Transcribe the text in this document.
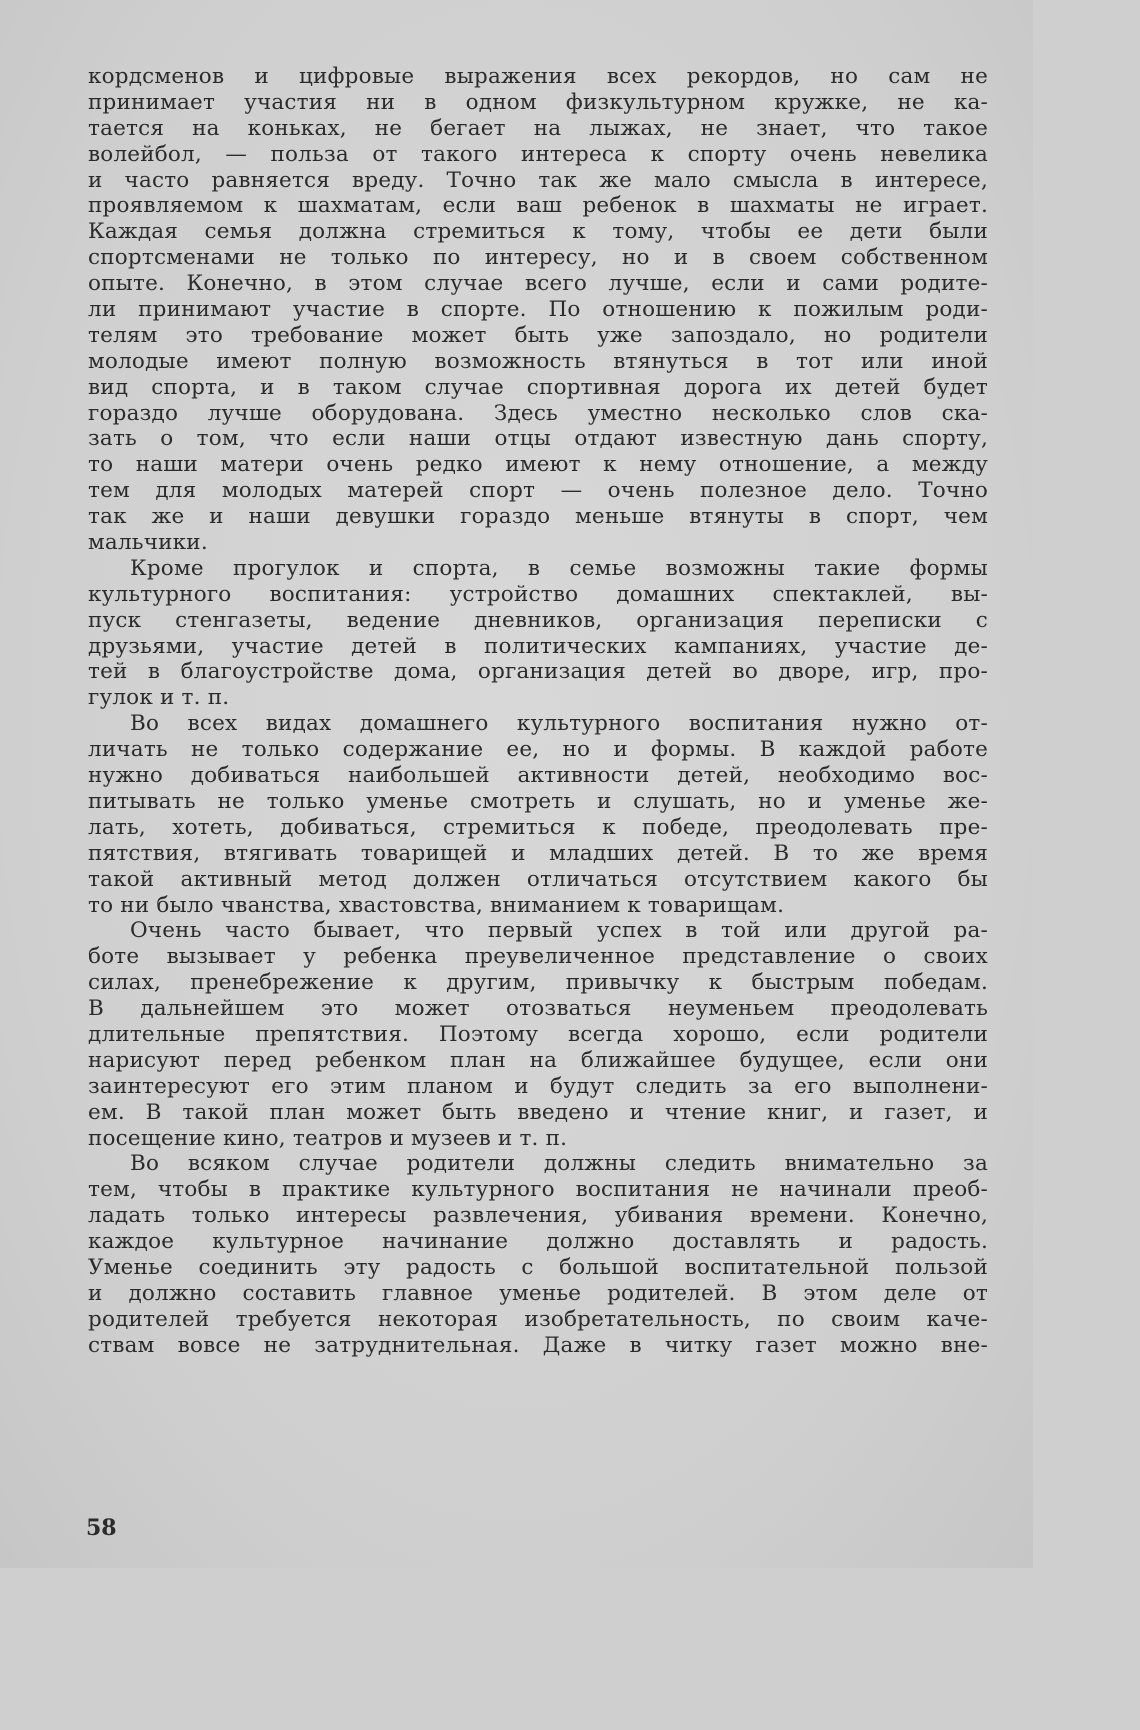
кордсменов и цифровые выражения всех рекордов, но сам не
принимает участия ни в одном физкультурном кружке, не ка-
тается на коньках, не бегает на лыжах, не знает, что такое
волейбол, — польза от такого интереса к спорту очень невелика
и часто равняется вреду. Точно так же мало смысла в интересе,
проявляемом к шахматам, если ваш ребенок в шахматы не играет.
Каждая семья должна стремиться к тому, чтобы ее дети были
спортсменами не только по интересу, но и в своем собственном
опыте. Конечно, в этом случае всего лучше, если и сами родите-
ли принимают участие в спорте. По отношению к пожилым роди-
телям это требование может быть уже запоздало, но родители
молодые имеют полную возможность втянуться в тот или иной
вид спорта, и в таком случае спортивная дорога их детей будет
гораздо лучше оборудована. Здесь уместно несколько слов ска-
зать о том, что если наши отцы отдают известную дань спорту,
то наши матери очень редко имеют к нему отношение, а между
тем для молодых матерей спорт — очень полезное дело. Точно
так же и наши девушки гораздо меньше втянуты в спорт, чем
мальчики.
Кроме прогулок и спорта, в семье возможны такие формы
культурного воспитания: устройство домашних спектаклей, вы-
пуск стенгазеты, ведение дневников, организация переписки с
друзьями, участие детей в политических кампаниях, участие де-
тей в благоустройстве дома, организация детей во дворе, игр, про-
гулок и т. п.
Во всех видах домашнего культурного воспитания нужно от-
личать не только содержание ее, но и формы. В каждой работе
нужно добиваться наибольшей активности детей, необходимо вос-
питывать не только уменье смотреть и слушать, но и уменье же-
лать, хотеть, добиваться, стремиться к победе, преодолевать пре-
пятствия, втягивать товарищей и младших детей. В то же время
такой активный метод должен отличаться отсутствием какого бы
то ни было чванства, хвастовства, вниманием к товарищам.
Очень часто бывает, что первый успех в той или другой ра-
боте вызывает у ребенка преувеличенное представление о своих
силах, пренебрежение к другим, привычку к быстрым победам.
В дальнейшем это может отозваться неуменьем преодолевать
длительные препятствия. Поэтому всегда хорошо, если родители
нарисуют перед ребенком план на ближайшее будущее, если они
заинтересуют его этим планом и будут следить за его выполнени-
ем. В такой план может быть введено и чтение книг, и газет, и
посещение кино, театров и музеев и т. п.
Во всяком случае родители должны следить внимательно за
тем, чтобы в практике культурного воспитания не начинали преоб-
ладать только интересы развлечения, убивания времени. Конечно,
каждое культурное начинание должно доставлять и радость.
Уменье соединить эту радость с большой воспитательной пользой
и должно составить главное уменье родителей. В этом деле от
родителей требуется некоторая изобретательность, по своим каче-
ствам вовсе не затруднительная. Даже в читку газет можно вне-
58
